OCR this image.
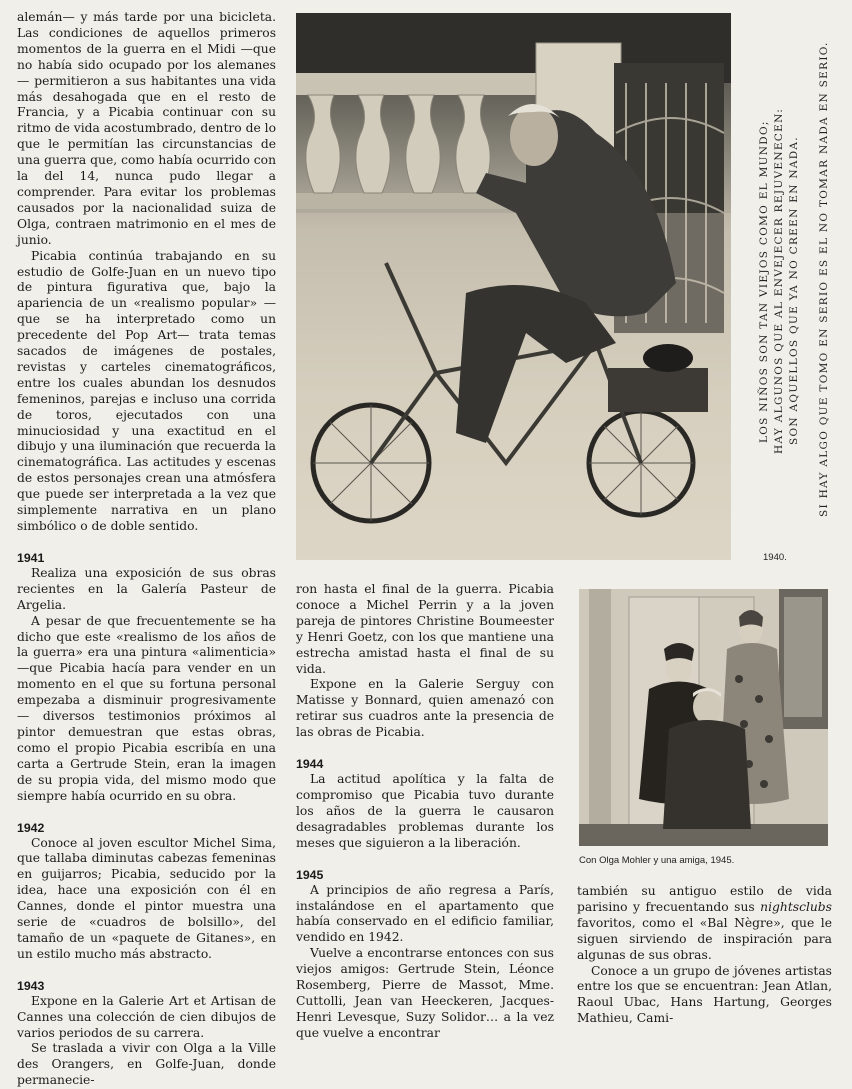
alemán— y más tarde por una bicicleta. Las condiciones de aquellos primeros momentos de la guerra en el Midi —que no había sido ocupado por los alemanes— permitieron a sus habitantes una vida más desahogada que en el resto de Francia, y a Picabia continuar con su ritmo de vida acostumbrado, dentro de lo que le permitían las circunstancias de una guerra que, como había ocurrido con la del 14, nunca pudo llegar a comprender. Para evitar los problemas causados por la nacionalidad suiza de Olga, contraen matrimonio en el mes de junio.

Picabia continúa trabajando en su estudio de Golfe-Juan en un nuevo tipo de pintura figurativa que, bajo la apariencia de un «realismo popular» —que se ha interpretado como un precedente del Pop Art— trata temas sacados de imágenes de postales, revistas y carteles cinematográficos, entre los cuales abundan los desnudos femeninos, parejas e incluso una corrida de toros, ejecutados con una minuciosidad y una exactitud en el dibujo y una iluminación que recuerda la cinematográfica. Las actitudes y escenas de estos personajes crean una atmósfera que puede ser interpretada a la vez que simplemente narrativa en un plano simbólico o de doble sentido.

1941

Realiza una exposición de sus obras recientes en la Galería Pasteur de Argelia.

A pesar de que frecuentemente se ha dicho que este «realismo de los años de la guerra» era una pintura «alimenticia» —que Picabia hacía para vender en un momento en el que su fortuna personal empezaba a disminuir progresivamente— diversos testimonios próximos al pintor demuestran que estas obras, como el propio Picabia escribía en una carta a Gertrude Stein, eran la imagen de su propia vida, del mismo modo que siempre había ocurrido en su obra.

1942

Conoce al joven escultor Michel Sima, que tallaba diminutas cabezas femeninas en guijarros; Picabia, seducido por la idea, hace una exposición con él en Cannes, donde el pintor muestra una serie de «cuadros de bolsillo», del tamaño de un «paquete de Gitanes», en un estilo mucho más abstracto.

1943

Expone en la Galerie Art et Artisan de Cannes una colección de cien dibujos de varios periodos de su carrera.

Se traslada a vivir con Olga a la Ville des Orangers, en Golfe-Juan, donde permanecie-

LOS NIÑOS SON TAN VIEJOS COMO EL MUNDO; HAY ALGUNOS QUE AL ENVEJECER REJUVENECEN: SON AQUELLOS QUE YA NO CREEN EN NADA. SI HAY ALGO QUE TOMO EN SERIO ES EL NO TOMAR NADA EN SERIO.
1940.

ron hasta el final de la guerra. Picabia conoce a Michel Perrin y a la joven pareja de pintores Christine Boumeester y Henri Goetz, con los que mantiene una estrecha amistad hasta el final de su vida.

Expone en la Galerie Serguy con Matisse y Bonnard, quien amenazó con retirar sus cuadros ante la presencia de las obras de Picabia.

1944

La actitud apolítica y la falta de compromiso que Picabia tuvo durante los años de la guerra le causaron desagradables problemas durante los meses que siguieron a la liberación.

1945

A principios de año regresa a París, instalándose en el apartamento que había conservado en el edificio familiar, vendido en 1942.

Vuelve a encontrarse entonces con sus viejos amigos: Gertrude Stein, Léonce Rosemberg, Pierre de Massot, Mme. Cuttolli, Jean van Heeckeren, Jacques-Henri Levesque, Suzy Solidor… a la vez que vuelve a encontrar

Con Olga Mohler y una amiga, 1945.

también su antiguo estilo de vida parisino y frecuentando sus nightsclubs favoritos, como el «Bal Nègre», que le siguen sirviendo de inspiración para algunas de sus obras.

Conoce a un grupo de jóvenes artistas entre los que se encuentran: Jean Atlan, Raoul Ubac, Hans Hartung, Georges Mathieu, Cami-
